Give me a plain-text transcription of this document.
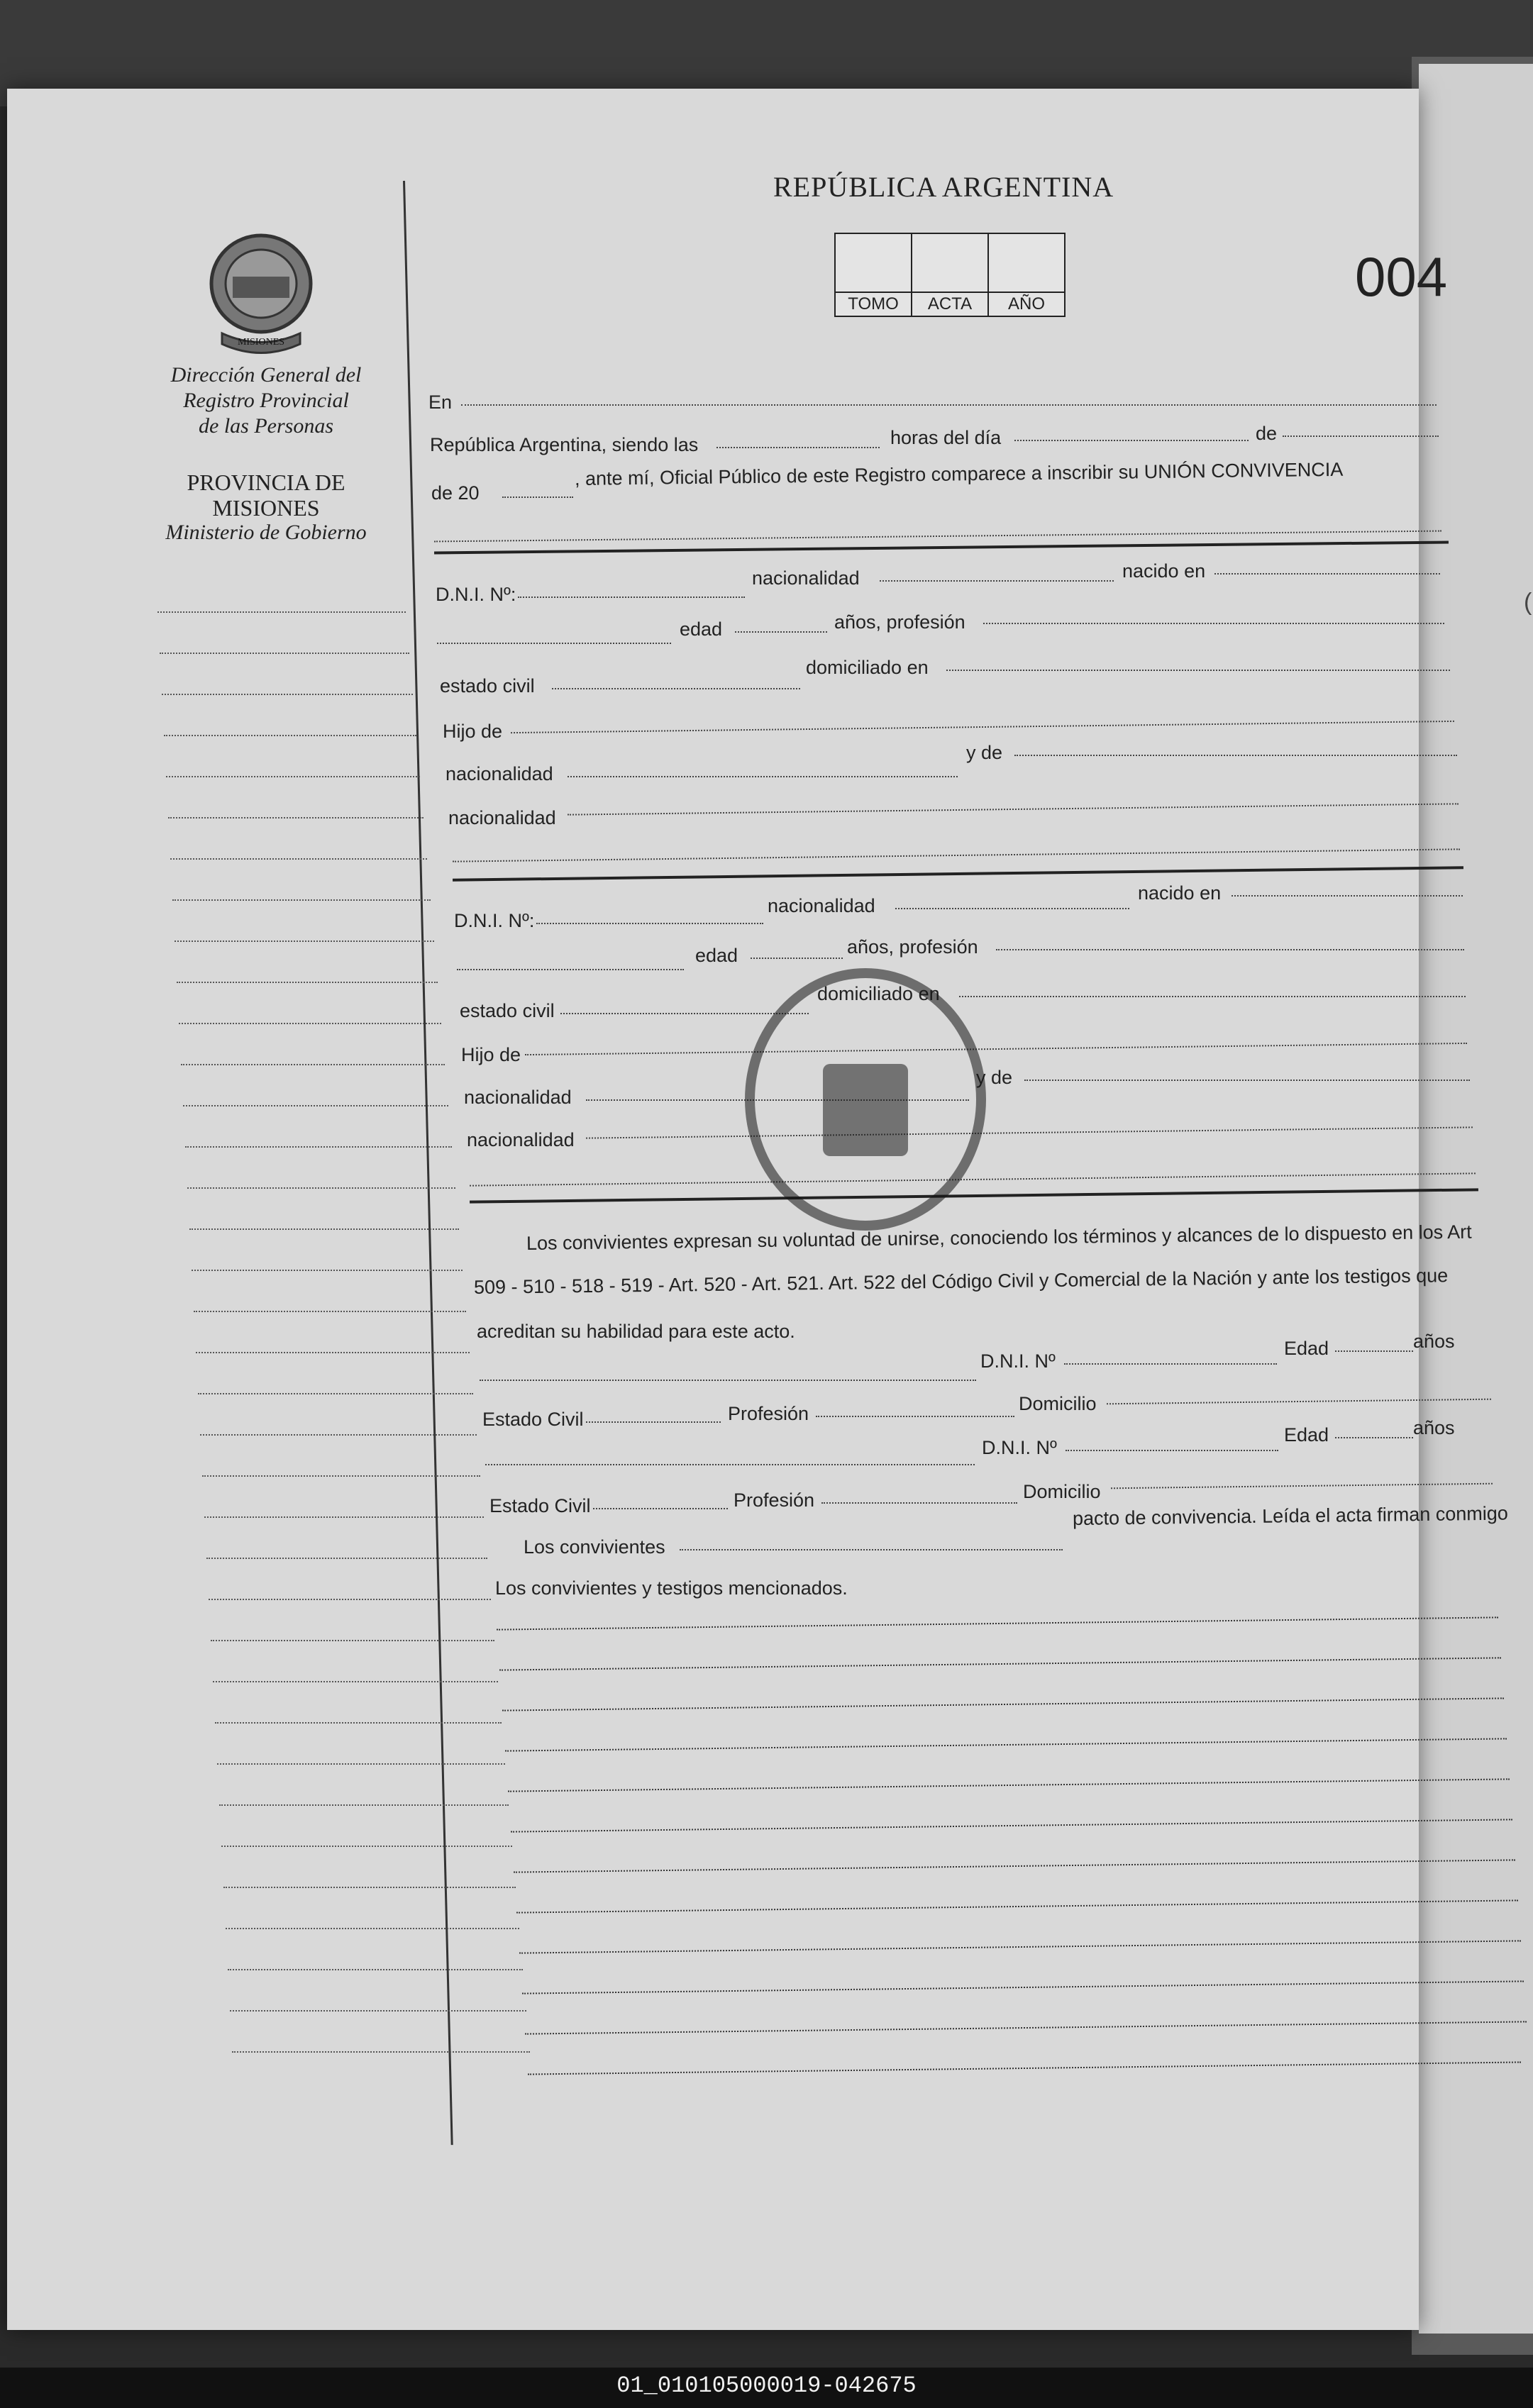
(
REPÚBLICA ARGENTINA
TOMO	ACTA	AÑO	004
MISIONES
Dirección General del
Registro Provincial
de las Personas
PROVINCIA DE
MISIONES
Ministerio de Gobierno
En
República Argentina, siendo las	horas del día	de
de 20
, ante mí, Oficial Público de este Registro comparece a inscribir su UNIÓN CONVIVENCIA
D.N.I. Nº:
nacionalidad	nacido en
edad	años, profesión
estado civil
domiciliado en
Hijo de
nacionalidad
y de
nacionalidad
D.N.I. Nº:
nacionalidad
nacido en
edad	años, profesión
estado civil
domiciliado en
Hijo de
nacionalidad
y de
nacionalidad
Los convivientes expresan su voluntad de unirse, conociendo los términos y alcances de lo dispuesto en los Art
509 - 510 - 518 - 519 - Art. 520 - Art. 521. Art. 522 del Código Civil y Comercial de la Nación y ante los testigos que
acreditan su habilidad para este acto.
D.N.I. Nº
Edad	años
Estado Civil	Profesión	Domicilio
D.N.I. Nº
Edad	años
Estado Civil	Profesión	Domicilio
Los convivientes
pacto de convivencia. Leída el acta firman conmigo
Los convivientes y testigos mencionados.
01_010105000019-042675
